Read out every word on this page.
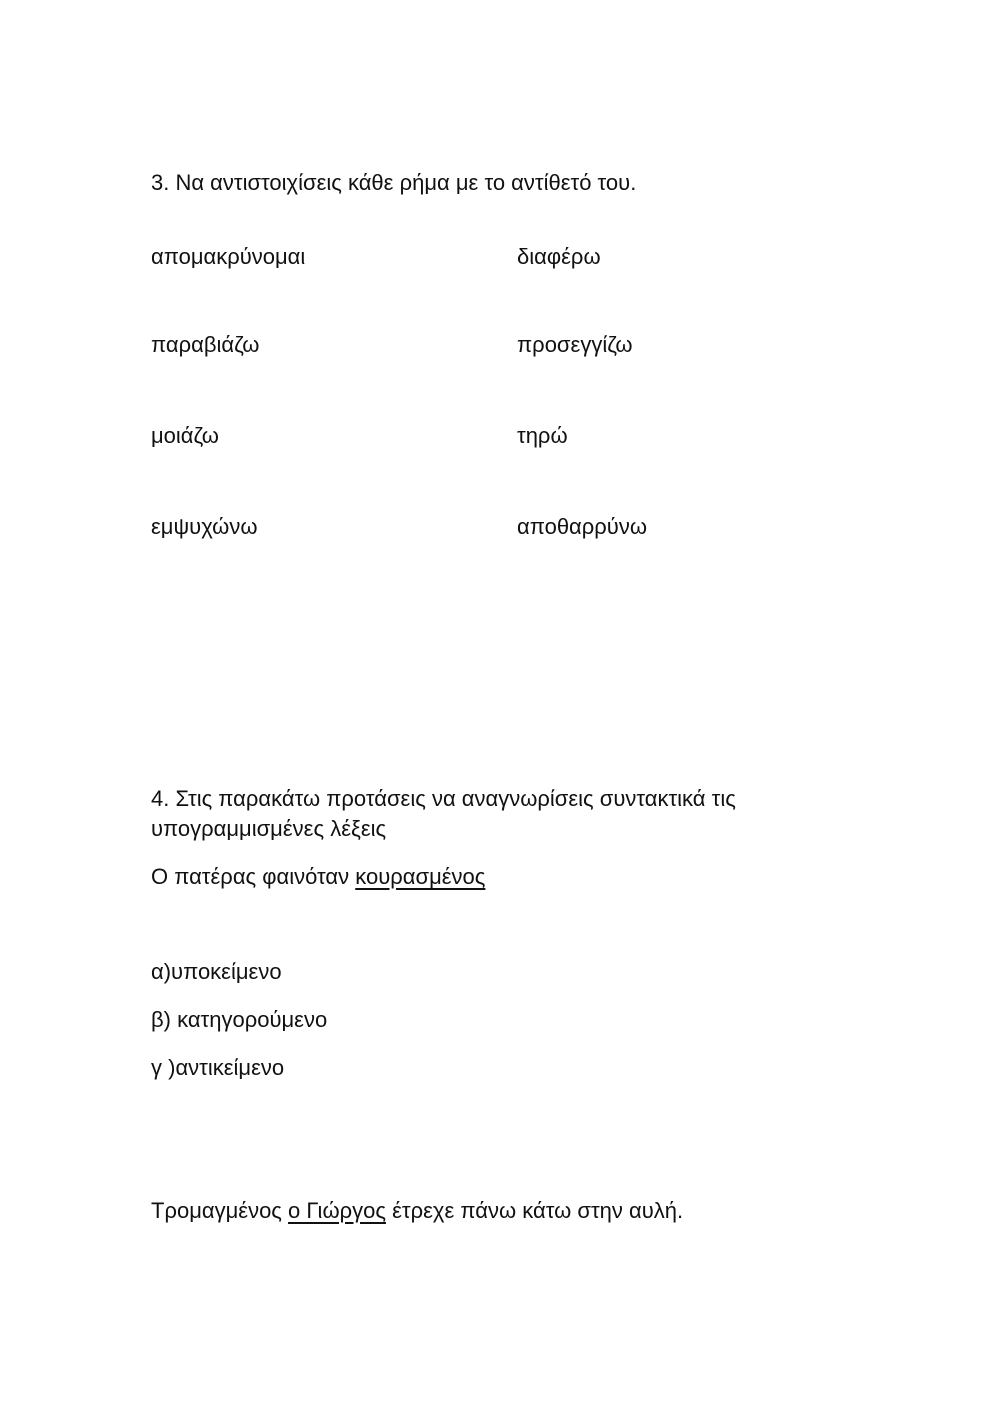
3. Να αντιστοιχίσεις κάθε ρήμα με το αντίθετό του.
απομακρύνομαι	διαφέρω
παραβιάζω	προσεγγίζω
μοιάζω	τηρώ
εμψυχώνω	αποθαρρύνω
4. Στις παρακάτω προτάσεις να αναγνωρίσεις συντακτικά τις
υπογραμμισμένες λέξεις
Ο πατέρας φαινόταν κουρασμένος
α)υποκείμενο
β) κατηγορούμενο
γ )αντικείμενο
Τρομαγμένος ο Γιώργος έτρεχε πάνω κάτω στην αυλή.
